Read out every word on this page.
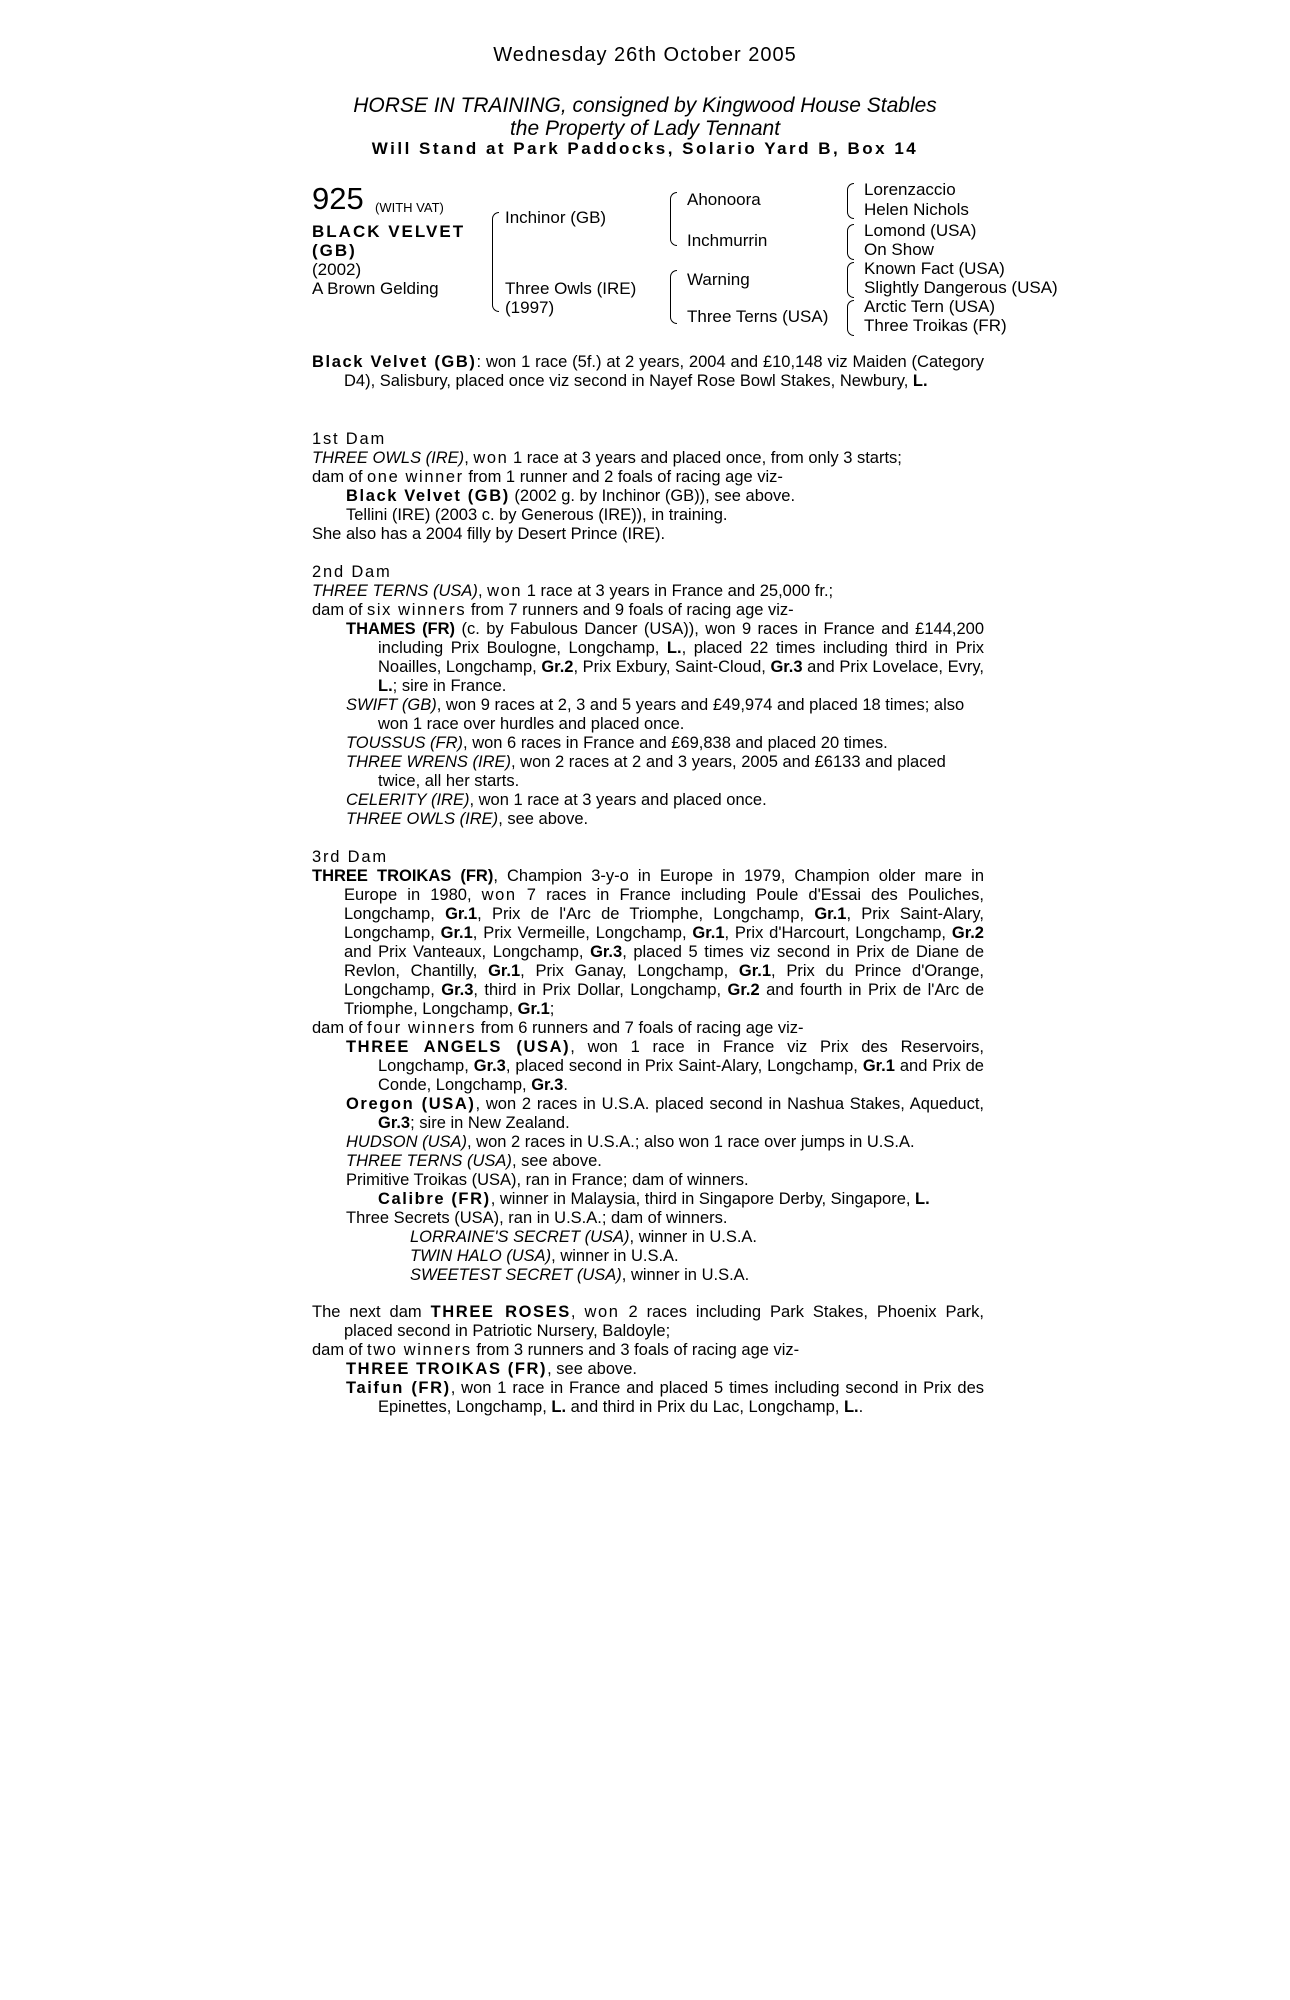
Wednesday 26th October 2005
HORSE IN TRAINING, consigned by Kingwood House Stables
the Property of Lady Tennant
Will Stand at Park Paddocks, Solario Yard B, Box 14
925 (WITH VAT)
BLACK VELVET
(GB)
(2002)
A Brown Gelding
Inchinor (GB)
Three Owls (IRE)
(1997)
Ahonoora
Inchmurrin
Warning
Three Terns (USA)
Lorenzaccio
Helen Nichols
Lomond (USA)
On Show
Known Fact (USA)
Slightly Dangerous (USA)
Arctic Tern (USA)
Three Troikas (FR)

Black Velvet (GB): won 1 race (5f.) at 2 years, 2004 and £10,148 viz Maiden (Category D4), Salisbury, placed once viz second in Nayef Rose Bowl Stakes, Newbury, L.

1st Dam
THREE OWLS (IRE), won 1 race at 3 years and placed once, from only 3 starts;
dam of one winner from 1 runner and 2 foals of racing age viz-
Black Velvet (GB) (2002 g. by Inchinor (GB)), see above.
Tellini (IRE) (2003 c. by Generous (IRE)), in training.
She also has a 2004 filly by Desert Prince (IRE).
2nd Dam
THREE TERNS (USA), won 1 race at 3 years in France and 25,000 fr.;
dam of six winners from 7 runners and 9 foals of racing age viz-
THAMES (FR) (c. by Fabulous Dancer (USA)), won 9 races in France and £144,200 including Prix Boulogne, Longchamp, L., placed 22 times including third in Prix Noailles, Longchamp, Gr.2, Prix Exbury, Saint-Cloud, Gr.3 and Prix Lovelace, Evry, L.; sire in France.
SWIFT (GB), won 9 races at 2, 3 and 5 years and £49,974 and placed 18 times; also won 1 race over hurdles and placed once.
TOUSSUS (FR), won 6 races in France and £69,838 and placed 20 times.
THREE WRENS (IRE), won 2 races at 2 and 3 years, 2005 and £6133 and placed twice, all her starts.
CELERITY (IRE), won 1 race at 3 years and placed once.
THREE OWLS (IRE), see above.
3rd Dam
THREE TROIKAS (FR), Champion 3-y-o in Europe in 1979, Champion older mare in Europe in 1980, won 7 races in France including Poule d'Essai des Pouliches, Longchamp, Gr.1, Prix de l'Arc de Triomphe, Longchamp, Gr.1, Prix Saint-Alary, Longchamp, Gr.1, Prix Vermeille, Longchamp, Gr.1, Prix d'Harcourt, Longchamp, Gr.2 and Prix Vanteaux, Longchamp, Gr.3, placed 5 times viz second in Prix de Diane de Revlon, Chantilly, Gr.1, Prix Ganay, Longchamp, Gr.1, Prix du Prince d'Orange, Longchamp, Gr.3, third in Prix Dollar, Longchamp, Gr.2 and fourth in Prix de l'Arc de Triomphe, Longchamp, Gr.1;
dam of four winners from 6 runners and 7 foals of racing age viz-
THREE ANGELS (USA), won 1 race in France viz Prix des Reservoirs, Longchamp, Gr.3, placed second in Prix Saint-Alary, Longchamp, Gr.1 and Prix de Conde, Longchamp, Gr.3.
Oregon (USA), won 2 races in U.S.A. placed second in Nashua Stakes, Aqueduct, Gr.3; sire in New Zealand.
HUDSON (USA), won 2 races in U.S.A.; also won 1 race over jumps in U.S.A.
THREE TERNS (USA), see above.
Primitive Troikas (USA), ran in France; dam of winners.
Calibre (FR), winner in Malaysia, third in Singapore Derby, Singapore, L.
Three Secrets (USA), ran in U.S.A.; dam of winners.
LORRAINE'S SECRET (USA), winner in U.S.A.
TWIN HALO (USA), winner in U.S.A.
SWEETEST SECRET (USA), winner in U.S.A.
The next dam THREE ROSES, won 2 races including Park Stakes, Phoenix Park, placed second in Patriotic Nursery, Baldoyle;
dam of two winners from 3 runners and 3 foals of racing age viz-
THREE TROIKAS (FR), see above.
Taifun (FR), won 1 race in France and placed 5 times including second in Prix des Epinettes, Longchamp, L. and third in Prix du Lac, Longchamp, L..
